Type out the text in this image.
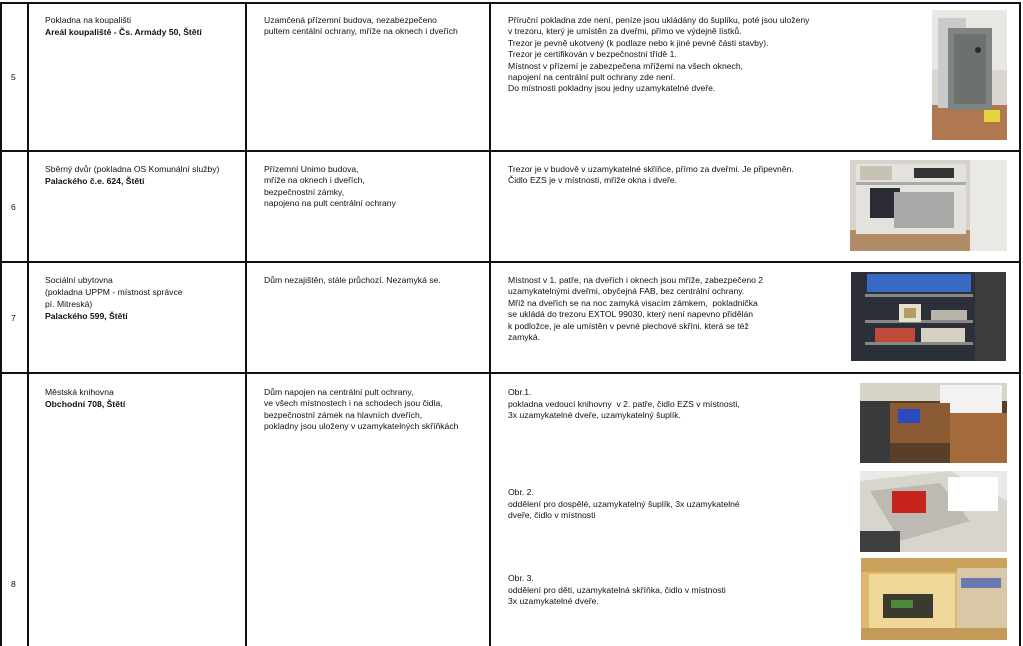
5
Pokladna na koupališti
Areál koupaliště - Čs. Armády 50, Štětí
Uzamčená přízemní budova, nezabezpečeno
pultem centální ochrany, mříže na oknech i dveřích
Příruční pokladna zde není, peníze jsou ukládány do šuplíku, poté jsou uloženy
v trezoru, který je umístěn za dveřmi, přímo ve výdejně lístků.
Trezor je pevně ukotvený (k podlaze nebo k jiné pevné části stavby).
Trezor je certifikován v bezpečnostní třídě 1.
Místnost v přízemí je zabezpečena mřížemi na všech oknech,
napojení na centrální pult ochrany zde není.
Do místnosti pokladny jsou jedny uzamykatelné dveře.
6
Sběrný dvůr (pokladna OS Komunální služby)
Palackého č.e. 624, Štětí
Přízemní Unimo budova,
mříže na oknech i dveřích,
bezpečnostní zámky,
napojeno na pult centrální ochrany
Trezor je v budově v uzamykatelné skříňce, přímo za dveřmi. Je připevněn.
Čidlo EZS je v místnosti, mříže okna i dveře.
7
Sociální ubytovna
(pokladna UPPM - místnost správce
pí. Mitreská)
Palackého 599, Štětí
Dům nezajištěn, stále průchozí. Nezamyká se.	Místnost v 1. patře, na dveřích i oknech jsou mříže, zabezpečeno 2
uzamykatelnými dveřmi, obyčejná FAB, bez centrální ochrany.
Mříž na dveřích se na noc zamyká visacím zámkem,  pokladnička
se ukládá do trezoru EXTOL 99030, který není napevno přidělán
k podložce, je ale umístěn v pevné plechové skříni, která se též
zamyká.
8
Městská knihovna
Obchodní 708, Štětí
Dům napojen na centrální pult ochrany,
ve všech místnostech i na schodech jsou čidla,
bezpečnostní zámek na hlavních dveřích,
pokladny jsou uloženy v uzamykatelných skříňkách
Obr.1.
pokladna vedoucí knihovny  v 2. patře, čidlo EZS v místnosti,
3x uzamykatelné dveře, uzamykatelný šuplík.
Obr. 2.
oddělení pro dospělé, uzamykatelný šuplík, 3x uzamykatelné
dveře, čidlo v místnosti
Obr. 3.
oddělení pro děti, uzamykatelná skříňka, čidlo v místnosti
3x uzamykatelné dveře.
